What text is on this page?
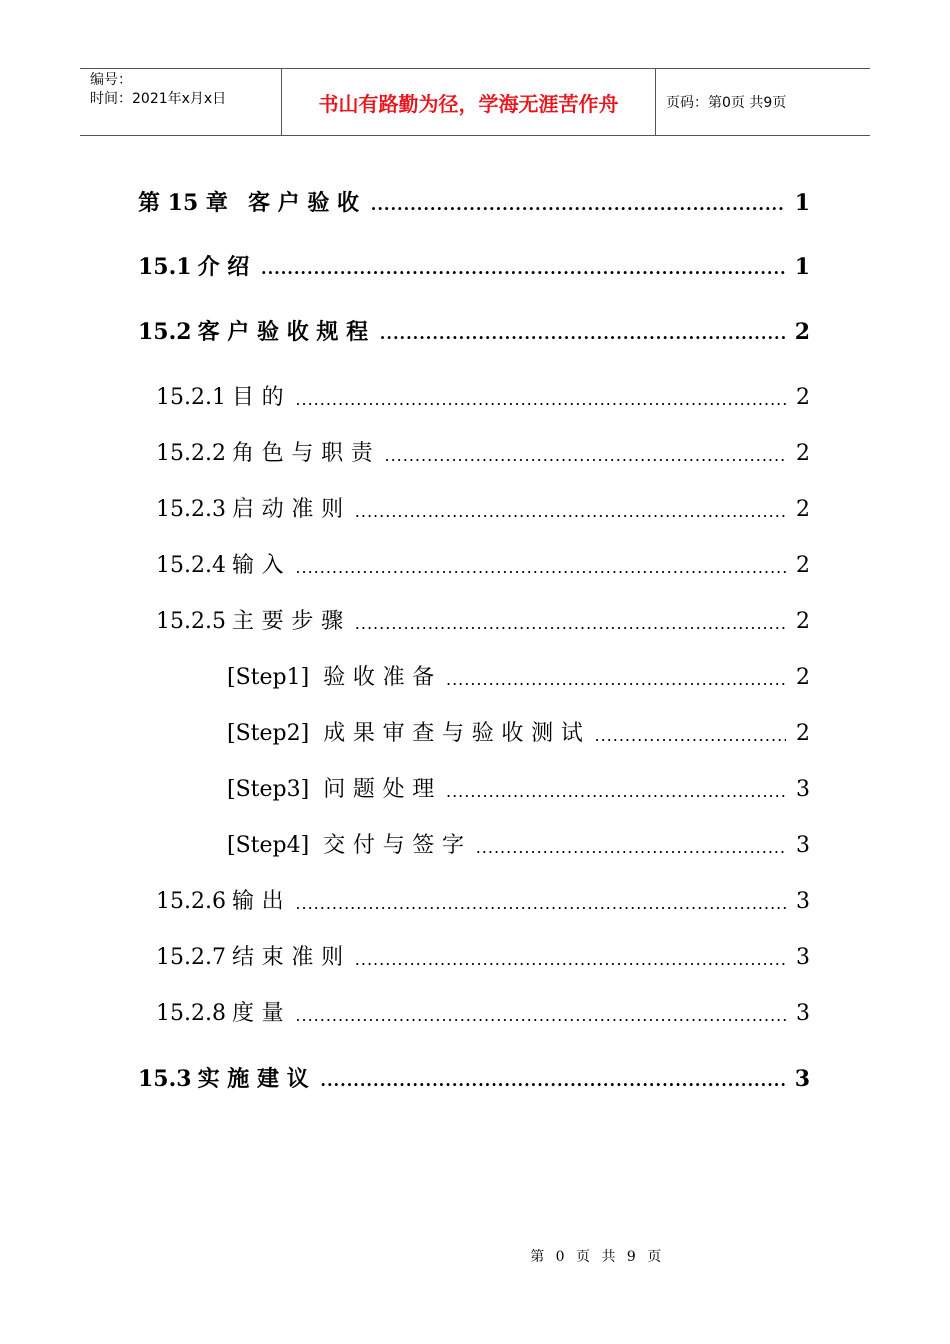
编号：
时间：2021年x月x日	书山有路勤为径，学海无涯苦作舟	页码：第0页 共9页
第 15 章 客户验收 .....	1
15.1 介绍 .....	1
15.2 客户验收规程 .....	2
15.2.1 目的 .....	2
15.2.2 角色与职责 .....	2
15.2.3 启动准则 .....	2
15.2.4 输入 .....	2
15.2.5 主要步骤 .....	2
[Step1] 验收准备 .....	2
[Step2] 成果审查与验收测试 .....	2
[Step3] 问题处理 .....	3
[Step4] 交付与签字 .....	3
15.2.6 输出 .....	3
15.2.7 结束准则 .....	3
15.2.8 度量 .....	3
15.3 实施建议 .....	3
第 0 页 共 9 页
